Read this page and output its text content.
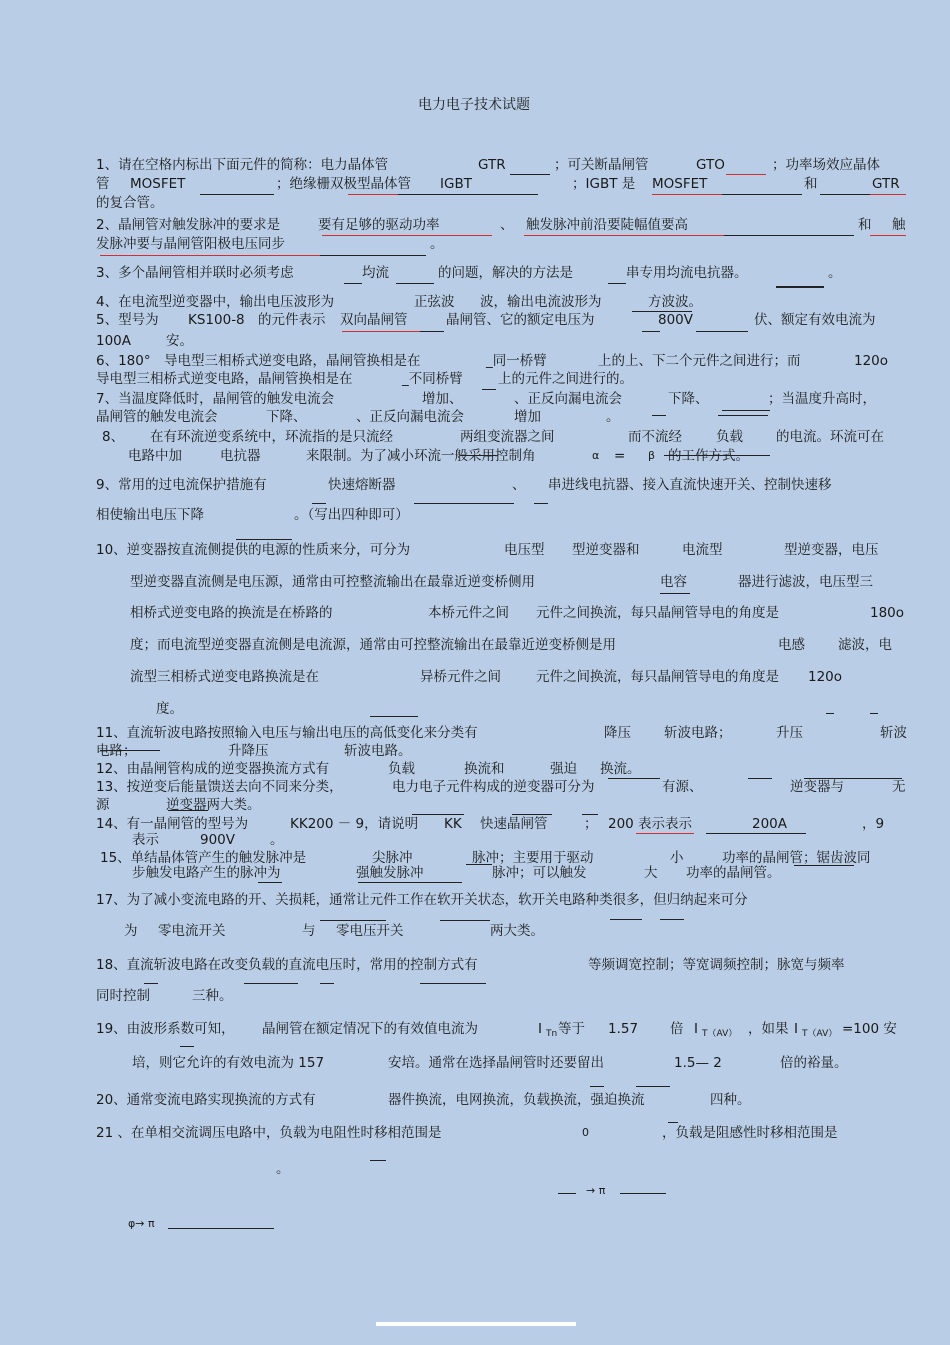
电力电子技术试题
1、请在空格内标出下面元件的简称：电力晶体管	GTR	；可关断晶闸管	GTO	；功率场效应晶体
管 MOSFET	；绝缘栅双极型晶体管 IGBT	；IGBT 是 MOSFET	和	GTR
的复合管。
2、晶闸管对触发脉冲的要求是	要有足够的驱动功率	、 触发脉冲前沿要陡幅值要高	和 触
发脉冲要与晶闸管阳极电压同步	。
3、多个晶闸管相并联时必须考虑	均流	的问题，解决的方法是	串专用均流电抗器。	。
4、在电流型逆变器中，输出电压波形为	正弦波 波，输出电流波形为	方波波。
5、型号为 KS100-8 的元件表示 双向晶闸管	晶闸管、它的额定电压为	800V	伏、额定有效电流为
100A	安。
6、180° 导电型三相桥式逆变电路，晶闸管换相是在	_同一桥臂	上的上、下二个元件之间进行；而	120o
导电型三相桥式逆变电路，晶闸管换相是在	_不同桥臂	上的元件之间进行的。
7、当温度降低时，晶闸管的触发电流会	增加、	、正反向漏电流会	下降、	；当温度升高时，
晶闸管的触发电流会	下降、	、正反向漏电流会	增加	。
8、 在有环流逆变系统中，环流指的是只流经	两组变流器之间	而不流经	负载 的电流。环流可在
电路中加	电抗器	来限制。为了减小环流一般采用控制角	α = β 的工作方式。
9、常用的过电流保护措施有	快速熔断器	、 串进线电抗器、接入直流快速开关、控制快速移
相使输出电压下降	。（写出四种即可）
10、逆变器按直流侧提供的电源的性质来分，可分为	电压型 型逆变器和	电流型	型逆变器，电压
型逆变器直流侧是电压源，通常由可控整流输出在最靠近逆变桥侧用	电容	器进行滤波，电压型三
相桥式逆变电路的换流是在桥路的	本桥元件之间 元件之间换流，每只晶闸管导电的角度是	180o
度；而电流型逆变器直流侧是电流源，通常由可控整流输出在最靠近逆变桥侧是用	电感 滤波，电
流型三相桥式逆变电路换流是在	异桥元件之间	元件之间换流，每只晶闸管导电的角度是 120o
度。
11、直流斩波电路按照输入电压与输出电压的高低变化来分类有	降压 斩波电路；	升压	斩波
电路；	升降压	斩波电路。
12、由晶闸管构成的逆变器换流方式有	负载	换流和	强迫 换流。
13、按逆变后能量馈送去向不同来分类，	电力电子元件构成的逆变器可分为	有源、	逆变器与	无
源	逆变器两大类。
14、有一晶闸管的型号为	KK200 － 9，请说明 KK 快速晶闸管	； 200 表示表示	200A	，9
表示	900V	。
15、单结晶体管产生的触发脉冲是	尖脉冲	脉冲；主要用于驱动	小	功率的晶闸管；锯齿波同
步触发电路产生的脉冲为	强触发脉冲	脉冲；可以触发	大 功率的晶闸管。
17、为了减小变流电路的开、关损耗，通常让元件工作在软开关状态，软开关电路种类很多，但归纳起来可分
为 零电流开关	与 零电压开关	两大类。
18、直流斩波电路在改变负载的直流电压时，常用的控制方式有	等频调宽控制；等宽调频控制；脉宽与频率
同时控制	三种。
19、由波形系数可知， 晶闸管在额定情况下的有效值电流为	I Tn 等于 1.57 倍 I T（AV） ，如果 I T（AV） =100 安
培，则它允许的有效电流为 157	安培。通常在选择晶闸管时还要留出	1.5— 2	倍的裕量。
20、通常变流电路实现换流的方式有	器件换流，电网换流，负载换流，强迫换流	四种。
21 、在单相交流调压电路中，负载为电阻性时移相范围是	0	，负载是阻感性时移相范围是
。
→ π
φ→ π
